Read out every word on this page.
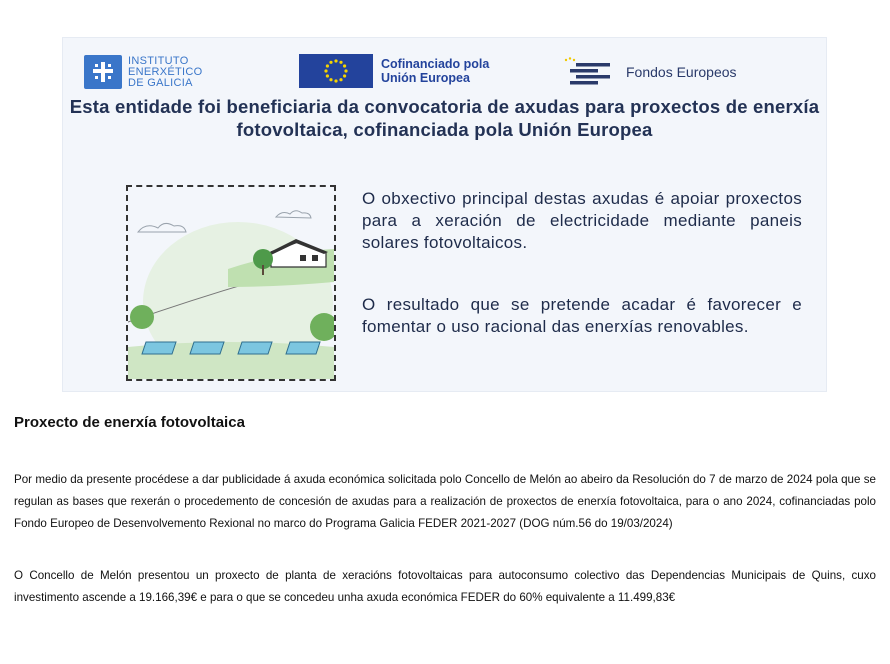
INSTITUTO
ENERXÉTICO
DE GALICIA
Cofinanciado pola
Unión Europea	Fondos Europeos
Esta entidade foi beneficiaria da convocatoria de axudas para proxectos de enerxía fotovoltaica, cofinanciada pola Unión Europea
O obxectivo principal destas axudas é apoiar proxectos para a xeración de electricidade mediante paneis solares fotovoltaicos.
O resultado que se pretende acadar é favorecer e fomentar o uso racional das enerxías renovables.
Proxecto de enerxía fotovoltaica
Por medio da presente procédese a dar publicidade á axuda económica solicitada polo Concello de Melón ao abeiro da Resolución do 7 de marzo de 2024 pola que se regulan as bases que rexerán o procedemento de concesión de axudas para a realización de proxectos de enerxía fotovoltaica, para o ano 2024, cofinanciadas polo Fondo Europeo de Desenvolvemento Rexional no marco do Programa Galicia FEDER 2021-2027 (DOG núm.56 do 19/03/2024)
O Concello de Melón presentou un proxecto de planta de xeracións fotovoltaicas para autoconsumo colectivo das Dependencias Municipais de Quins, cuxo investimento ascende a 19.166,39€ e para o que se concedeu unha axuda económica FEDER do 60% equivalente a 11.499,83€
